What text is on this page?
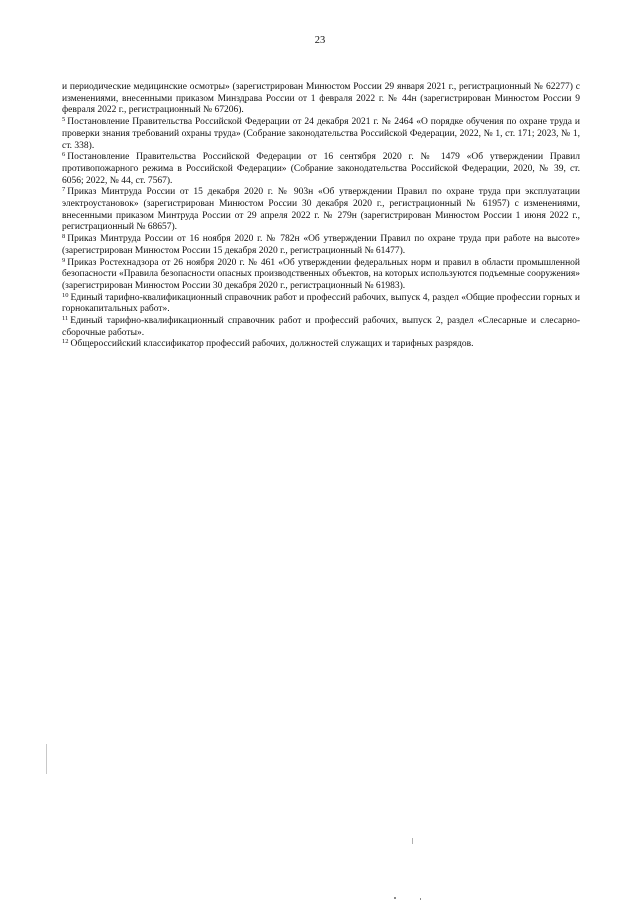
23

и периодические медицинские осмотры» (зарегистрирован Минюстом России 29 января 2021 г., регистрационный № 62277) с изменениями, внесенными приказом Минздрава России от 1 февраля 2022 г. № 44н (зарегистрирован Минюстом России 9 февраля 2022 г., регистрационный № 67206).

$^5$ Постановление Правительства Российской Федерации от 24 декабря 2021 г. № 2464 «О порядке обучения по охране труда и проверки знания требований охраны труда» (Собрание законодательства Российской Федерации, 2022, № 1, ст. 171; 2023, № 1, ст. 338).

$^6$ Постановление Правительства Российской Федерации от 16 сентября 2020 г. № 1479 «Об утверждении Правил противопожарного режима в Российской Федерации» (Собрание законодательства Российской Федерации, 2020, № 39, ст. 6056; 2022, № 44, ст. 7567).

$^7$ Приказ Минтруда России от 15 декабря 2020 г. № 903н «Об утверждении Правил по охране труда при эксплуатации электроустановок» (зарегистрирован Минюстом России 30 декабря 2020 г., регистрационный № 61957) с изменениями, внесенными приказом Минтруда России от 29 апреля 2022 г. № 279н (зарегистрирован Минюстом России 1 июня 2022 г., регистрационный № 68657).

$^8$ Приказ Минтруда России от 16 ноября 2020 г. № 782н «Об утверждении Правил по охране труда при работе на высоте» (зарегистрирован Минюстом России 15 декабря 2020 г., регистрационный № 61477).

$^9$ Приказ Ростехнадзора от 26 ноября 2020 г. № 461 «Об утверждении федеральных норм и правил в области промышленной безопасности «Правила безопасности опасных производственных объектов, на которых используются подъемные сооружения» (зарегистрирован Минюстом России 30 декабря 2020 г., регистрационный № 61983).

$^{10}$ Единый тарифно-квалификационный справочник работ и профессий рабочих, выпуск 4, раздел «Общие профессии горных и горнокапитальных работ».

$^{11}$ Единый тарифно-квалификационный справочник работ и профессий рабочих, выпуск 2, раздел «Слесарные и слесарно-сборочные работы».

$^{12}$ Общероссийский классификатор профессий рабочих, должностей служащих и тарифных разрядов.
